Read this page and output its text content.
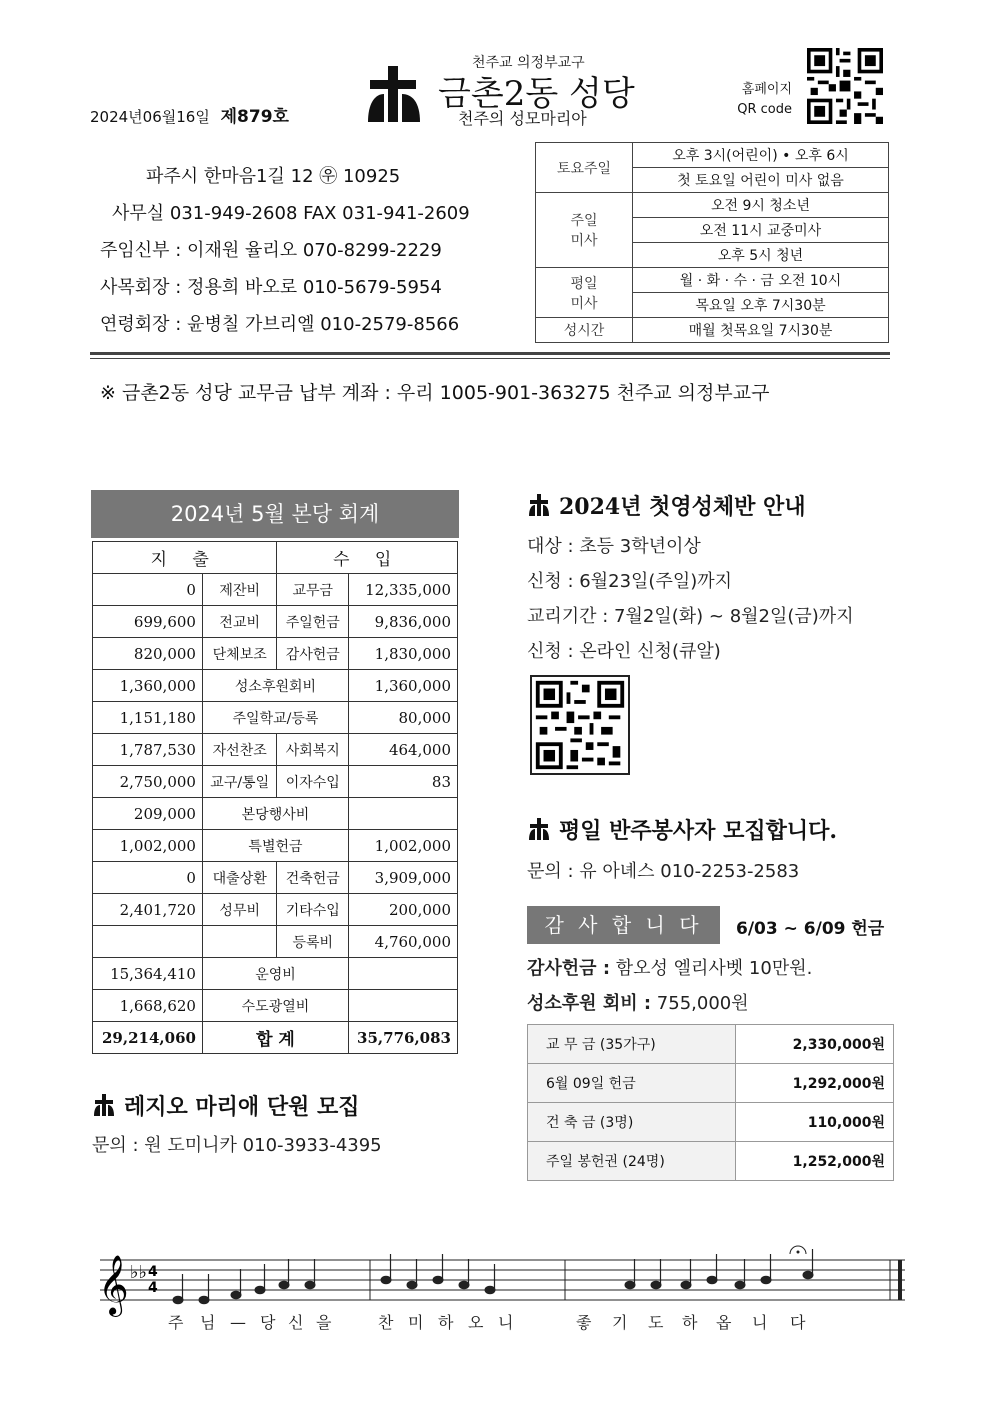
천주교 의정부교구
금촌2동 성당
천주의 성모마리아
2024년06월16일 제879호
홈페이지
QR code
파주시 한마음1길 12 ㉾ 10925
사무실 031-949-2608 FAX 031-941-2609
주임신부 : 이재원 율리오 070-8299-2229
사목회장 : 정용희 바오로 010-5679-5954
연령회장 : 윤병칠 가브리엘 010-2579-8566
토요주일	오후 3시(어린이) • 오후 6시
	첫 토요일 어린이 미사 없음

주일
미사	오전 9시 청소년
	오전 11시 교중미사
	오후 5시 청년

평일
미사	월 · 화 · 수 · 금 오전 10시
	목요일 오후 7시30분
성시간	매월 첫목요일 7시30분
※ 금촌2동 성당 교무금 납부 계좌 : 우리 1005-901-363275 천주교 의정부교구
2024년 5월 본당 회계
지 출		수 입	
0	제잔비	교무금	12,335,000
699,600	전교비	주일헌금	9,836,000
820,000	단체보조	감사헌금	1,830,000
1,360,000	성소후원회비		1,360,000
1,151,180	주일학교/등록		80,000
1,787,530	자선찬조	사회복지	464,000
2,750,000	교구/통일	이자수입	83
209,000	본당행사비		
1,002,000	특별헌금		1,002,000
0	대출상환	건축헌금	3,909,000
2,401,720	성무비	기타수입	200,000
		등록비	4,760,000
15,364,410	운영비		
1,668,620	수도광열비		
29,214,060	합 계		35,776,083
2024년 첫영성체반 안내
대상 : 초등 3학년이상
신청 : 6월23일(주일)까지
교리기간 : 7월2일(화) ~ 8월2일(금)까지
신청 : 온라인 신청(큐알)
평일 반주봉사자 모집합니다.
문의 : 유 아녜스 010-2253-2583
감 사 합 니 다	6/03 ~ 6/09 헌금
감사헌금 : 함오성 엘리사벳 10만원.
성소후원 회비 : 755,000원
교 무 금 (35가구)	2,330,000원
6월 09일 헌금	1,292,000원
건 축 금 (3명)	110,000원
주일 봉헌권 (24명)	1,252,000원
레지오 마리애 단원 모집
문의 : 원 도미니카 010-3933-4395
𝄞 ♭♭ 4
4
주 님 — 당 신 을	찬 미 하 오 니	좋 기 도 하 옵 니 다
